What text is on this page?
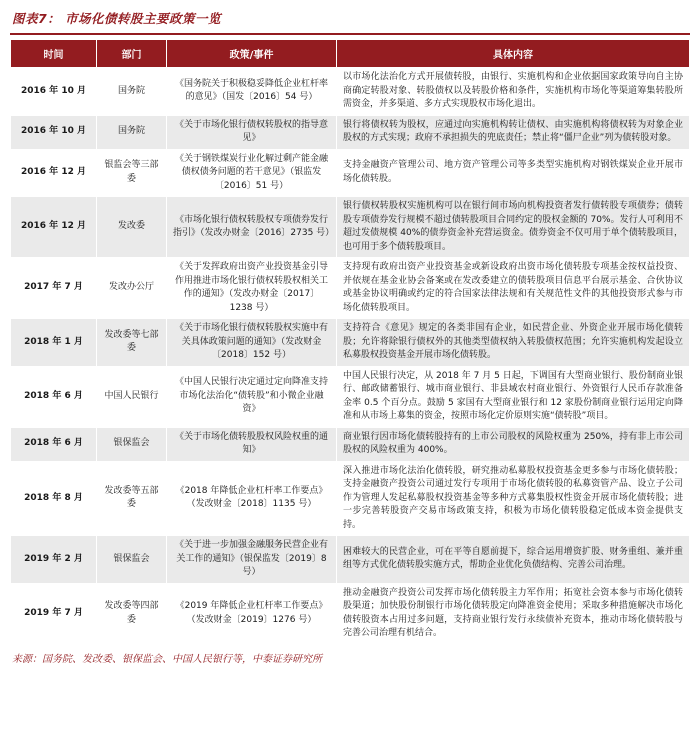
图表7： 市场化债转股主要政策一览
时间	部门	政策/事件	具体内容
2016 年 10 月	国务院	《国务院关于积极稳妥降低企业杠杆率的意见》（国发〔2016〕54 号）	以市场化法治化方式开展债转股，由银行、实施机构和企业依据国家政策导向自主协商确定转股对象、转股债权以及转股价格和条件，实施机构市场化等渠道筹集转股所需资金，并多渠道、多方式实现股权市场化退出。
2016 年 10 月	国务院	《关于市场化银行债权转股权的指导意见》	银行将债权转为股权，应通过向实施机构转让债权、由实施机构将债权转为对象企业股权的方式实现；政府不承担损失的兜底责任；禁止将“僵尸企业”列为债转股对象。
2016 年 12 月	银监会等三部委	《关于钢铁煤炭行业化解过剩产能金融债权债务问题的若干意见》（银监发〔2016〕51 号）	支持金融资产管理公司、地方资产管理公司等多类型实施机构对钢铁煤炭企业开展市场化债转股。
2016 年 12 月	发改委	《市场化银行债权转股权专项债券发行指引》（发改办财金〔2016〕2735 号）	银行债权转股权实施机构可以在银行间市场向机构投资者发行债转股专项债券；债转股专项债券发行规模不超过债转股项目合同约定的股权金额的 70%。发行人可利用不超过发债规模 40%的债券资金补充营运资金。债券资金不仅可用于单个债转股项目，也可用于多个债转股项目。
2017 年 7 月	发改办公厅	《关于发挥政府出资产业投资基金引导作用推进市场化银行债权转股权相关工作的通知》（发改办财金〔2017〕1238 号）	支持现有政府出资产业投资基金或新设政府出资市场化债转股专项基金按权益投资、并依规在基金业协会备案或在发改委建立的债转股项目信息平台展示基金、合伙协议或基金协议明确或约定的符合国家法律法规和有关规范性文件的其他投资形式参与市场化债转股项目。
2018 年 1 月	发改委等七部委	《关于市场化银行债权转股权实施中有关具体政策问题的通知》（发改财金〔2018〕152 号）	支持符合《意见》规定的各类非国有企业，如民营企业、外资企业开展市场化债转股；允许将除银行债权外的其他类型债权纳入转股债权范围；允许实施机构发起设立私募股权投资基金开展市场化债转股。
2018 年 6 月	中国人民银行	《中国人民银行决定通过定向降准支持市场化法治化“债转股”和小微企业融资》	中国人民银行决定，从 2018 年 7 月 5 日起，下调国有大型商业银行、股份制商业银行、邮政储蓄银行、城市商业银行、非县域农村商业银行、外资银行人民币存款准备金率 0.5 个百分点。鼓励 5 家国有大型商业银行和 12 家股份制商业银行运用定向降准和从市场上募集的资金，按照市场化定价原则实施“债转股”项目。
2018 年 6 月	银保监会	《关于市场化债转股股权风险权重的通知》	商业银行因市场化债转股持有的上市公司股权的风险权重为 250%，持有非上市公司股权的风险权重为 400%。
2018 年 8 月	发改委等五部委	《2018 年降低企业杠杆率工作要点》（发改财金〔2018〕1135 号）	深入推进市场化法治化债转股，研究推动私募股权投资基金更多参与市场化债转股；支持金融资产投资公司通过发行专项用于市场化债转股的私募资管产品、设立子公司作为管理人发起私募股权投资基金等多种方式募集股权性资金开展市场化债转股；进一步完善转股资产交易市场政策支持，积极为市场化债转股稳定低成本资金提供支持。
2019 年 2 月	银保监会	《关于进一步加强金融服务民营企业有关工作的通知》（银保监发〔2019〕8 号）	困难较大的民营企业，可在平等自愿前提下，综合运用增资扩股、财务重组、兼并重组等方式优化债转股实施方式，帮助企业优化负债结构、完善公司治理。
2019 年 7 月	发改委等四部委	《2019 年降低企业杠杆率工作要点》（发改财金〔2019〕1276 号）	推动金融资产投资公司发挥市场化债转股主力军作用；拓宽社会资本参与市场化债转股渠道；加快股份制银行市场化债转股定向降准资金使用；采取多种措施解决市场化债转股资本占用过多问题，支持商业银行发行永续债补充资本，推动市场化债转股与完善公司治理有机结合。
来源：国务院、发改委、银保监会、中国人民银行等，中泰证券研究所
